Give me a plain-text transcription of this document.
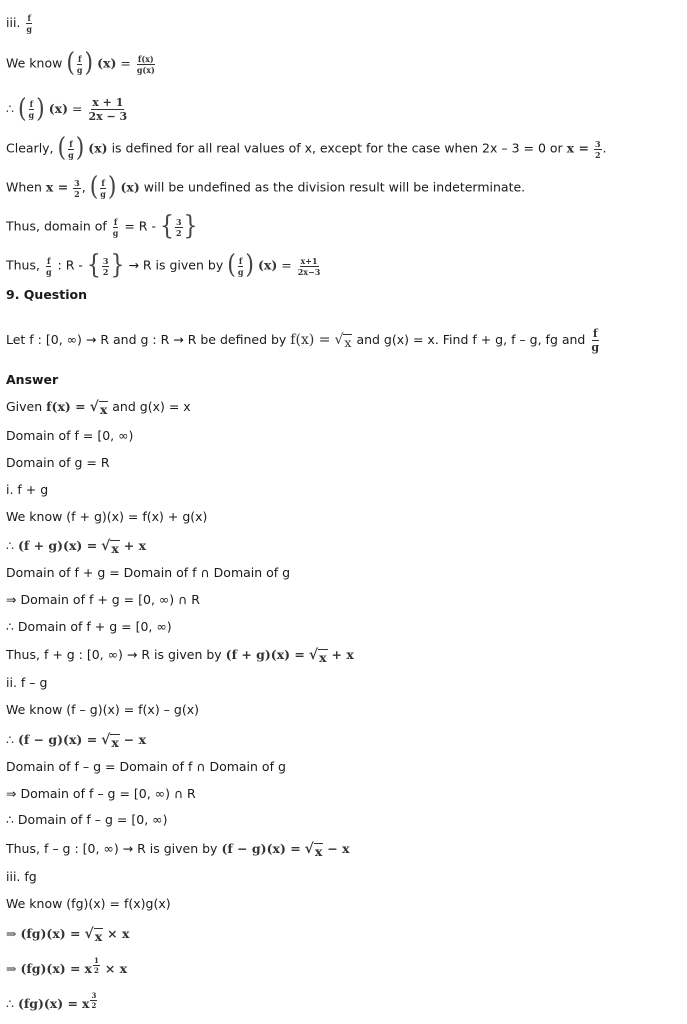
iii. $\frac{f}{g}$
We know ( $\frac{f}{g}$ ) $(x) = \frac{f(x)}{g(x)}$
∴ ( $\frac{f}{g}$ ) $(x) = \frac{x + 1}{2x - 3}$
Clearly, ( $\frac{f}{g}$ ) (x) is defined for all real values of x, except for the case when 2x – 3 = 0 or $x = \frac{3}{2}$ .
When $x = \frac{3}{2}$ , ( $\frac{f}{g}$ ) (x) will be undefined as the division result will be indeterminate.
Thus, domain of $\frac{f}{g} = R$ - { $\frac{3}{2}$ }
Thus, $\frac{f}{g}$ : R - { $\frac{3}{2}$ } → R is given by ( $\frac{f}{g}$ ) $(x) = \frac{x+1}{2x-3}$
9. Question
Let f : [0, ∞) → R and g : R → R be defined by f(x) = √ x and g(x) = x. Find f + g, f – g, fg and $\frac{f}{g}$
Answer
Given f(x) = √ x and g(x) = x
Domain of f = [0, ∞)
Domain of g = R
i. f + g
We know (f + g)(x) = f(x) + g(x)
∴ (f + g)(x) = √ x + x
Domain of f + g = Domain of f ∩ Domain of g
⇒ Domain of f + g = [0, ∞) ∩ R
∴ Domain of f + g = [0, ∞)
Thus, f + g : [0, ∞) → R is given by (f + g)(x) = √ x + x
ii. f – g
We know (f – g)(x) = f(x) – g(x)
∴ (f − g)(x) = √ x − x
Domain of f – g = Domain of f ∩ Domain of g
⇒ Domain of f – g = [0, ∞) ∩ R
∴ Domain of f – g = [0, ∞)
Thus, f – g : [0, ∞) → R is given by (f − g)(x) = √ x − x
iii. fg
We know (fg)(x) = f(x)g(x)
⇒ (fg)(x) = √ x × x
⇒ (fg)(x) = x $\frac{1}{2} \times x$
∴ (fg)(x) = x $\frac{3}{2}$
